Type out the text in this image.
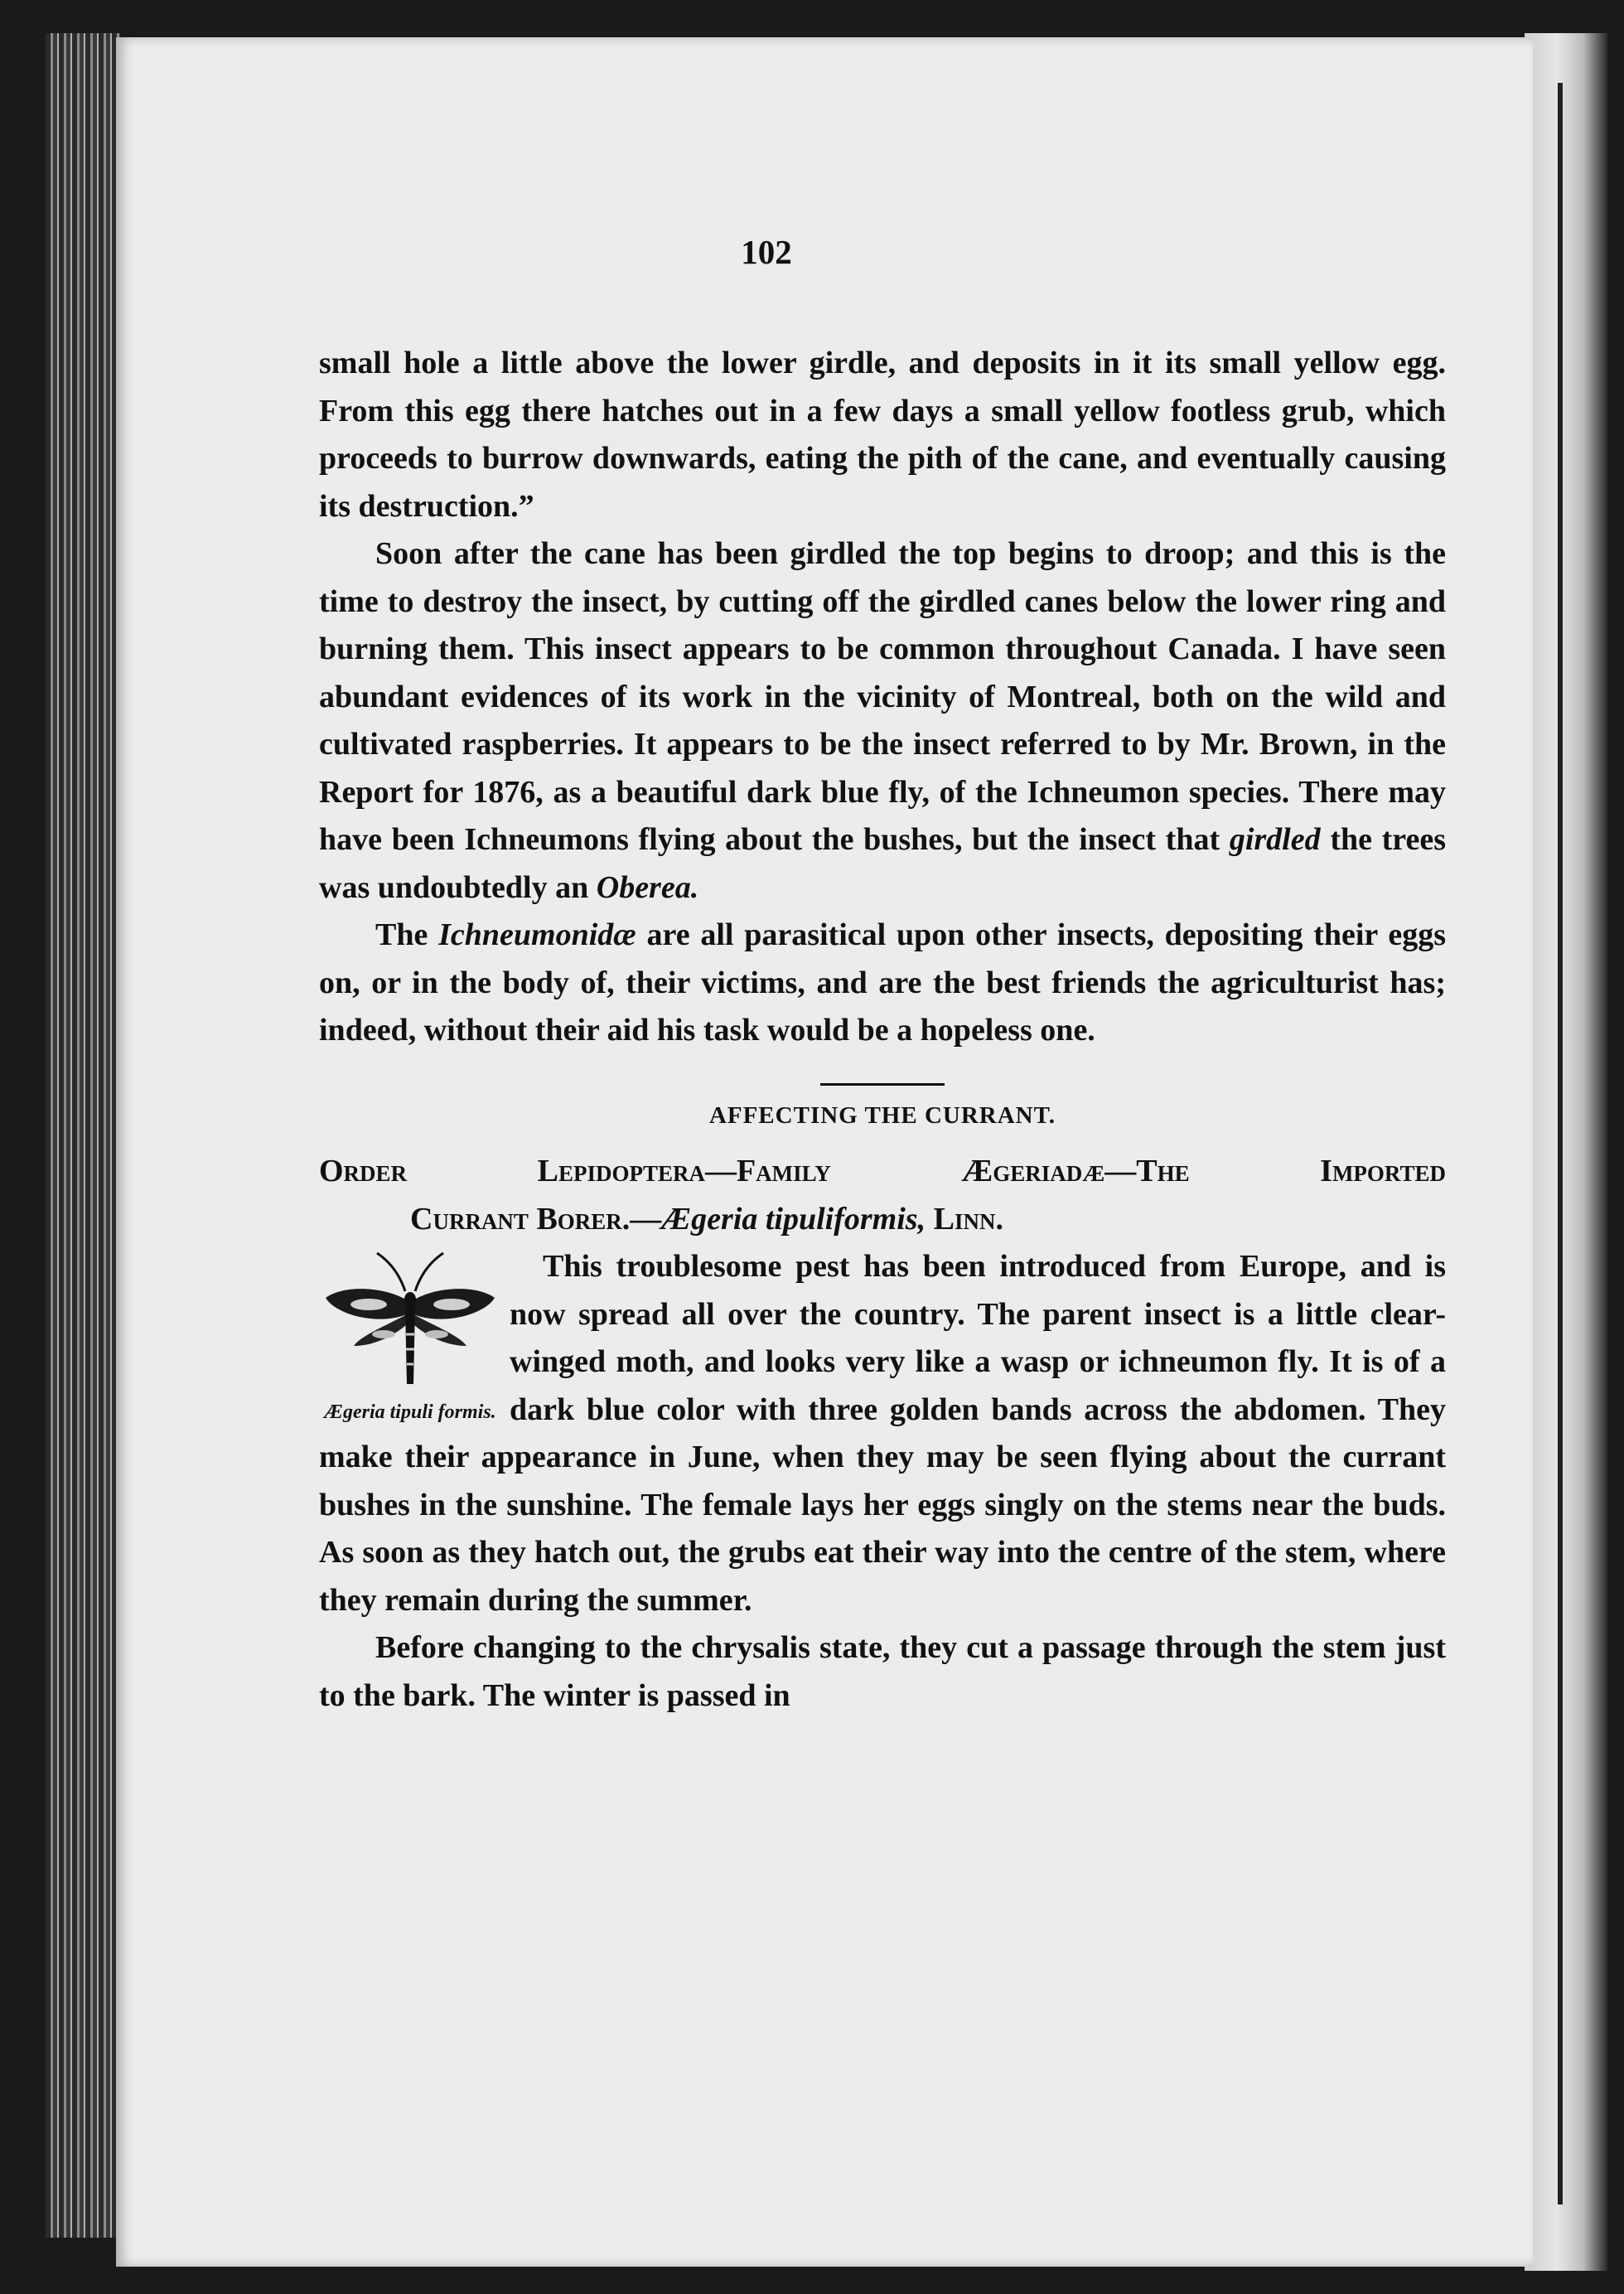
102

small hole a little above the lower girdle, and deposits in it its small yellow egg. From this egg there hatches out in a few days a small yellow footless grub, which proceeds to burrow downwards, eating the pith of the cane, and eventually causing its destruction.”

Soon after the cane has been girdled the top begins to droop; and this is the time to destroy the insect, by cutting off the girdled canes below the lower ring and burning them. This insect appears to be common throughout Canada. I have seen abundant evidences of its work in the vicinity of Montreal, both on the wild and cultivated raspberries. It appears to be the insect referred to by Mr. Brown, in the Report for 1876, as a beautiful dark blue fly, of the Ichneumon species. There may have been Ichneumons flying about the bushes, but the insect that girdled the trees was undoubtedly an Oberea.

The Ichneumonidæ are all parasitical upon other insects, depositing their eggs on, or in the body of, their victims, and are the best friends the agriculturist has; indeed, without their aid his task would be a hopeless one.

AFFECTING THE CURRANT.

Order Lepidoptera—Family Ægeriadæ—The Imported

Currant Borer.—Ægeria tipuliformis, Linn.

Ægeria tipuli formis.

This troublesome pest has been introduced from Europe, and is now spread all over the country. The parent insect is a little clear-winged moth, and looks very like a wasp or ichneumon fly. It is of a dark blue color with three golden bands across the abdomen. They make their appearance in June, when they may be seen flying about the currant bushes in the sunshine. The female lays her eggs singly on the stems near the buds. As soon as they hatch out, the grubs eat their way into the centre of the stem, where they remain during the summer.

Before changing to the chrysalis state, they cut a passage through the stem just to the bark. The winter is passed in
